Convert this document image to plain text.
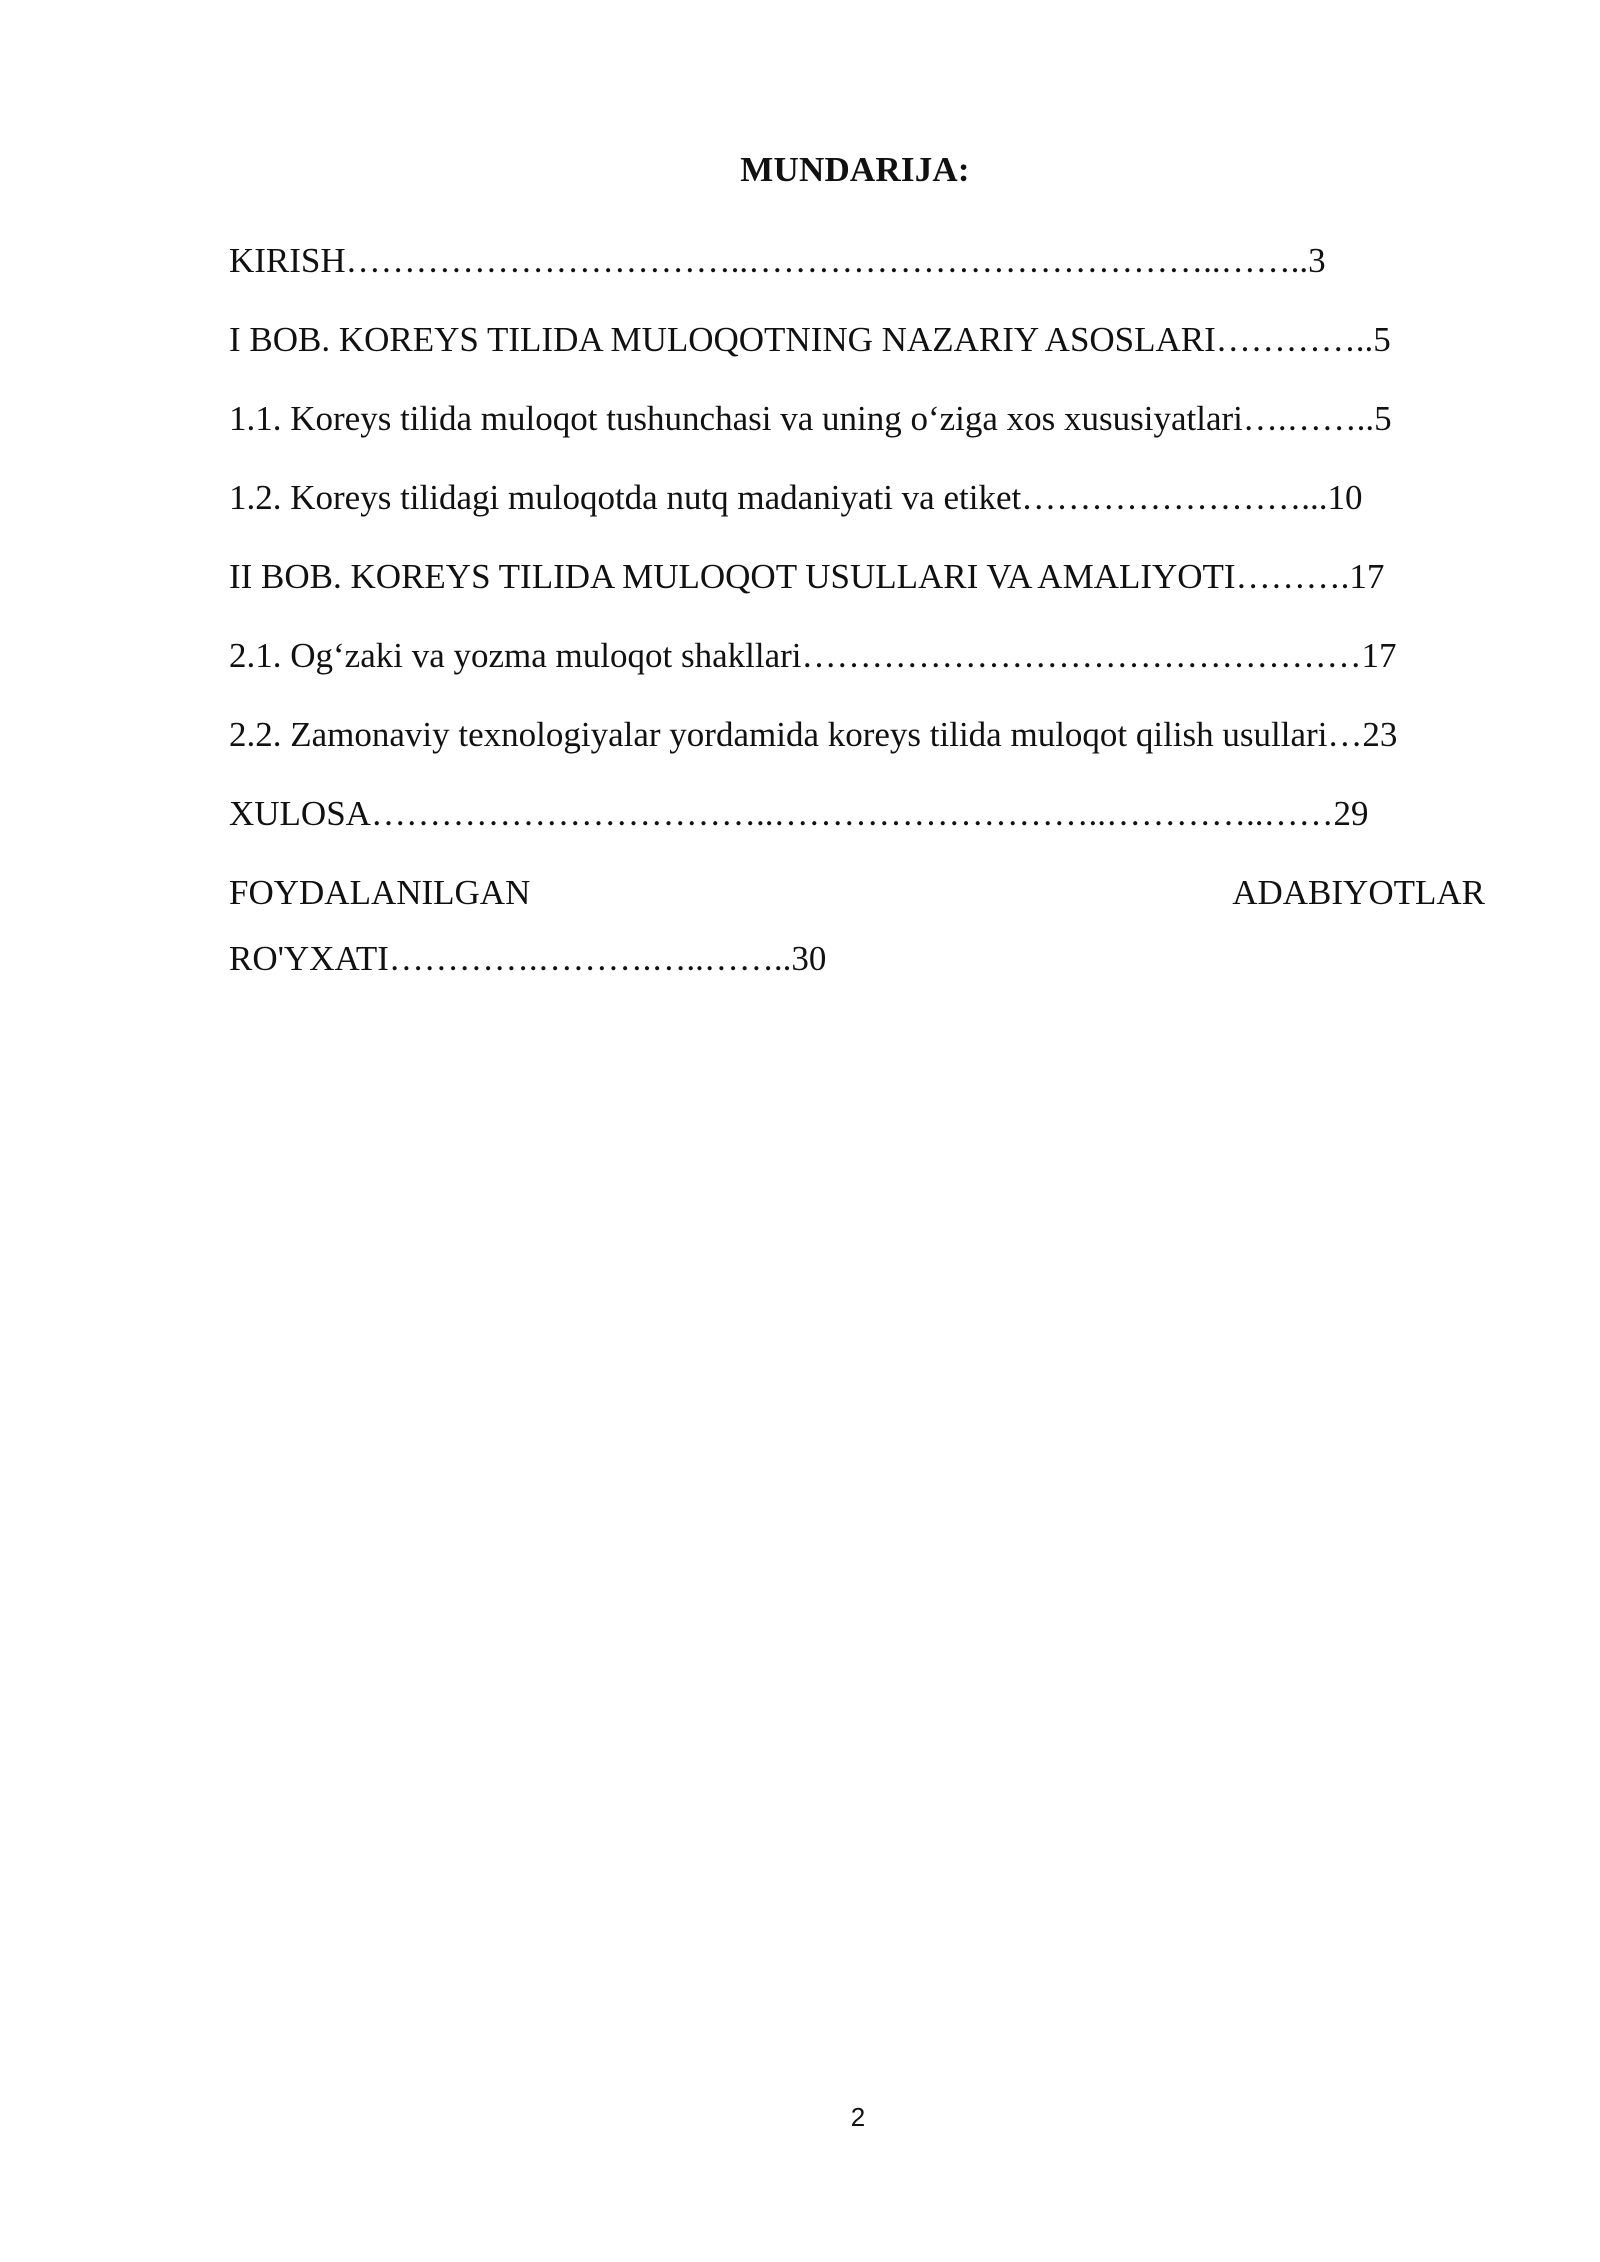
MUNDARIJA:
KIRISH……………………………..…………………………………..……..3
I BOB. KOREYS TILIDA MULOQOTNING NAZARIY ASOSLARI…………..5
1.1. Koreys tilida muloqot tushunchasi va uning o‘ziga xos xususiyatlari….……..5
1.2. Koreys tilidagi muloqotda nutq madaniyati va etiket……………………...10
II BOB. KOREYS TILIDA MULOQOT USULLARI VA AMALIYOTI……….17
2.1. Og‘zaki va yozma muloqot shakllari…………………………………………17
2.2. Zamonaviy texnologiyalar yordamida koreys tilida muloqot qilish usullari…23
XULOSA……………………………..………………………..…………..……29
FOYDALANILGAN	ADABIYOTLAR
RO'YXATI………….……….…..……..30
2
